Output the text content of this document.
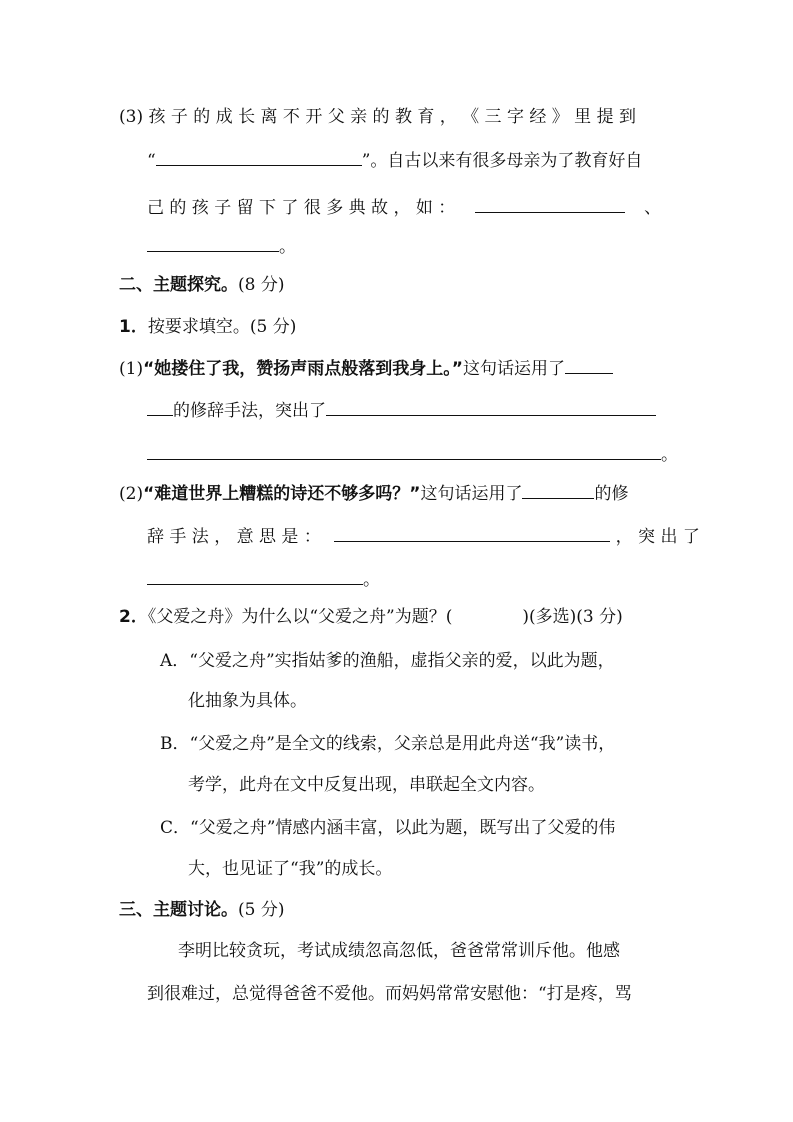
(3) 孩 子 的 成 长 离 不 开 父 亲 的 教 育 ， 《 三 字 经 》 里 提 到
“	”。自古以来有很多母亲为了教育好自
己 的 孩 子 留 下 了 很 多 典 故 ， 如 ：	、
。
二、主题探究。(8 分)
1．按要求填空。(5 分)
(1)“她搂住了我，赞扬声雨点般落到我身上。”这句话运用了
的修辞手法，突出了
。
(2)“难道世界上糟糕的诗还不够多吗？”这句话运用了	的修
辞 手 法 ， 意 思 是 ：	， 突 出 了
。
2．《父爱之舟》为什么以“父爱之舟”为题？(	)(多选)(3 分)
A．“父爱之舟”实指姑爹的渔船，虚指父亲的爱，以此为题，
化抽象为具体。
B．“父爱之舟”是全文的线索，父亲总是用此舟送“我”读书，
考学，此舟在文中反复出现，串联起全文内容。
C．“父爱之舟”情感内涵丰富，以此为题，既写出了父爱的伟
大，也见证了“我”的成长。
三、主题讨论。(5 分)
李明比较贪玩，考试成绩忽高忽低，爸爸常常训斥他。他感
到很难过，总觉得爸爸不爱他。而妈妈常常安慰他：“打是疼，骂
